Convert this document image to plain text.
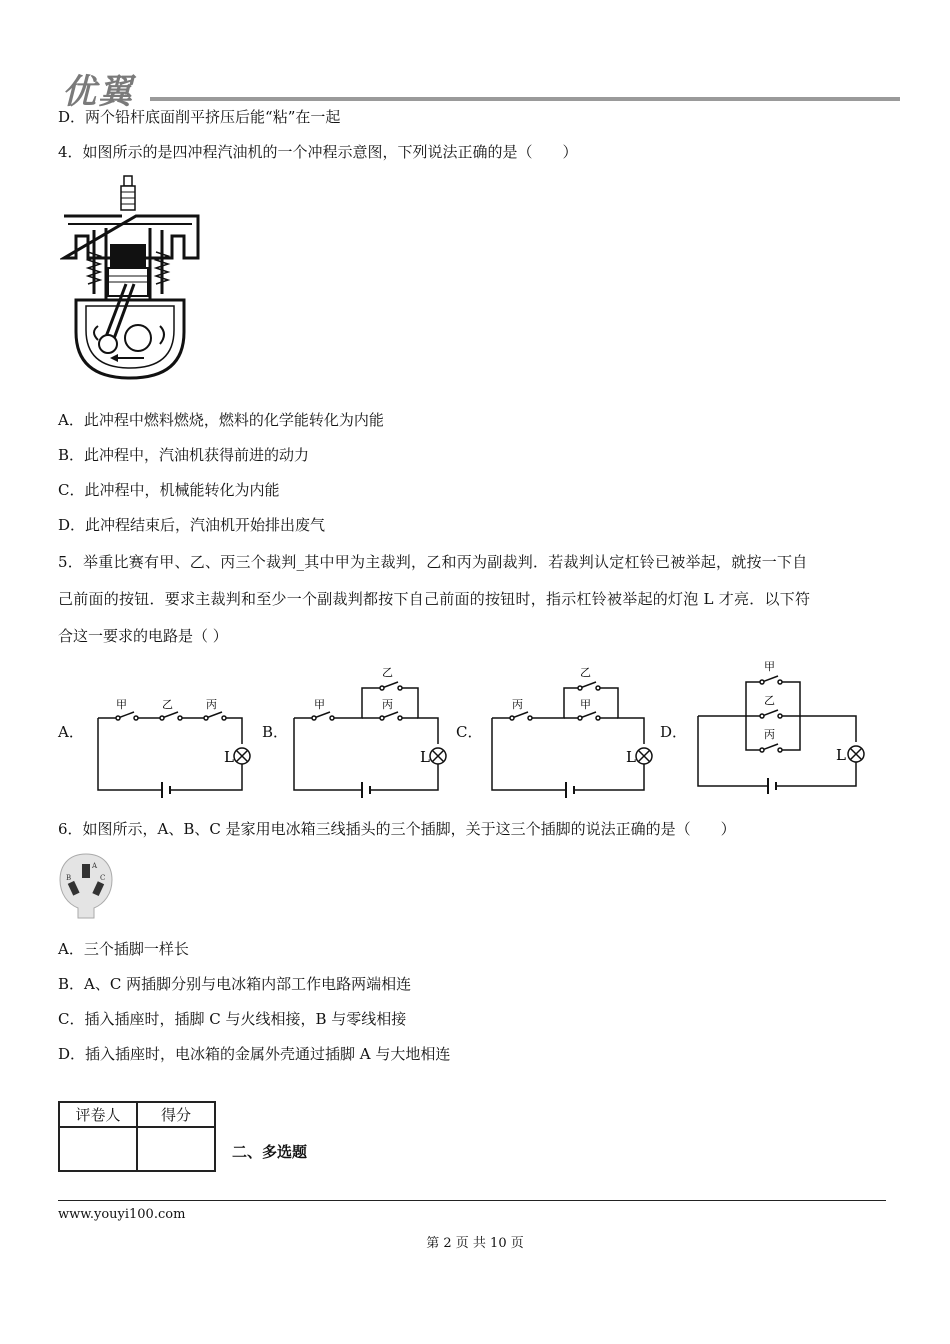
优翼
D．两个铅杆底面削平挤压后能“粘”在一起
4．如图所示的是四冲程汽油机的一个冲程示意图，下列说法正确的是（　　）
A．此冲程中燃料燃烧，燃料的化学能转化为内能
B．此冲程中，汽油机获得前进的动力
C．此冲程中，机械能转化为内能
D．此冲程结束后，汽油机开始排出废气
5．举重比赛有甲、乙、丙三个裁判_其中甲为主裁判，乙和丙为副裁判．若裁判认定杠铃已被举起，就按一下自
己前面的按钮．要求主裁判和至少一个副裁判都按下自己前面的按钮时，指示杠铃被举起的灯泡 L 才亮．以下符
合这一要求的电路是（ ）
A．	B．	C．	D．
甲	乙	丙
L
甲
乙
丙
L
丙
乙
甲
L
甲
乙
丙
L
6．如图所示，A、B、C 是家用电冰箱三线插头的三个插脚，关于这三个插脚的说法正确的是（　　）
A
B	C
A．三个插脚一样长
B．A、C 两插脚分别与电冰箱内部工作电路两端相连
C．插入插座时，插脚 C 与火线相接，B 与零线相接
D．插入插座时，电冰箱的金属外壳通过插脚 A 与大地相连
评卷人	得分

二、多选题
www.youyi100.com
第 2 页 共 10 页
